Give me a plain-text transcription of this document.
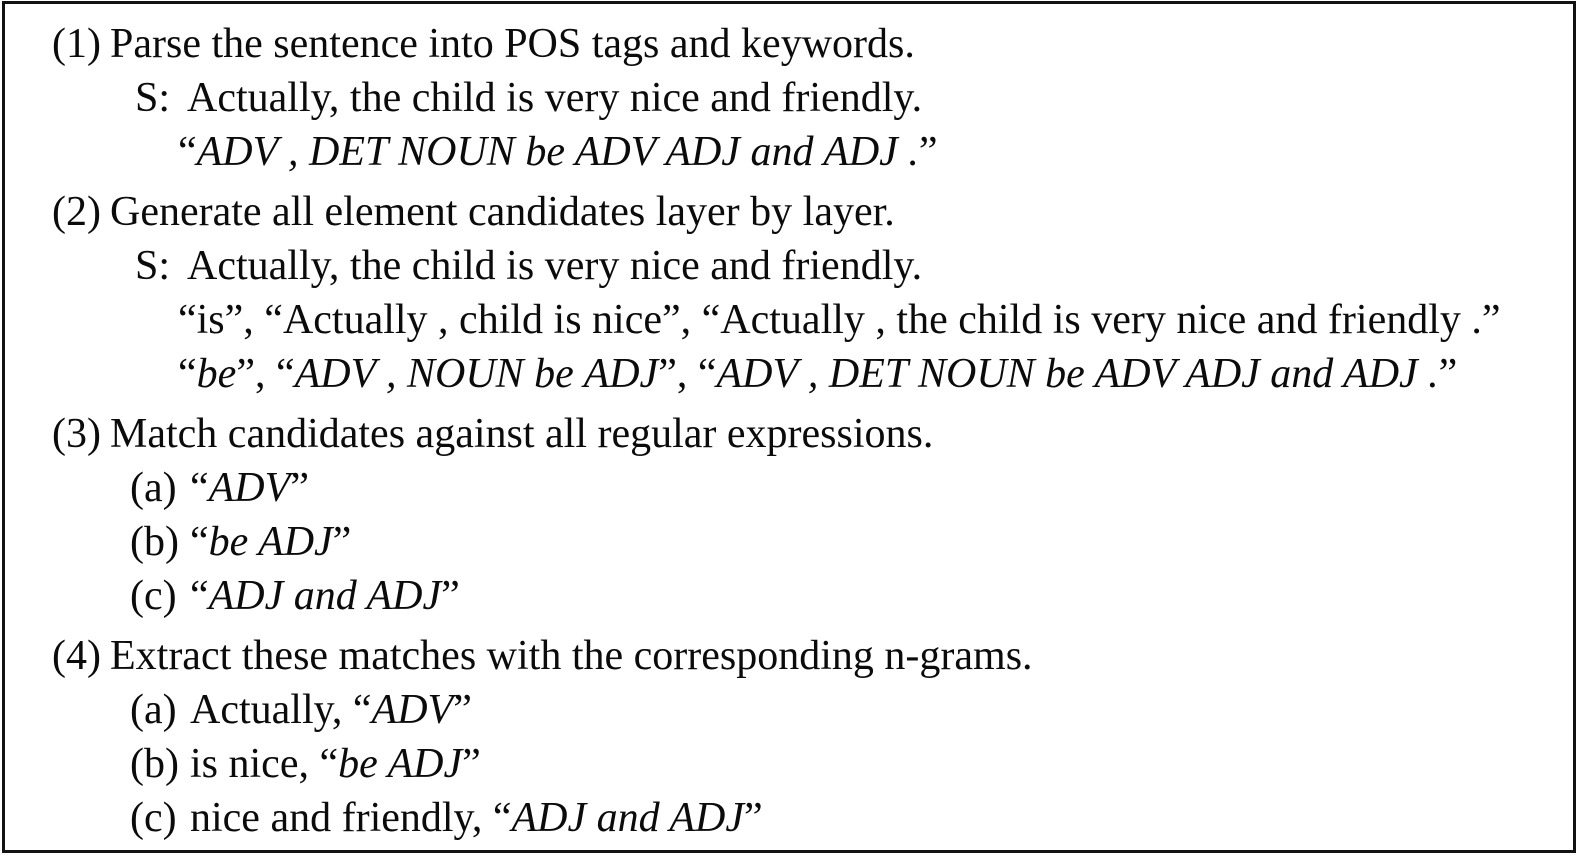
(1) Parse the sentence into POS tags and keywords.
S: Actually, the child is very nice and friendly.
“ADV , DET NOUN be ADV ADJ and ADJ .”
(2) Generate all element candidates layer by layer.
S: Actually, the child is very nice and friendly.
“is”, “Actually , child is nice”, “Actually , the child is very nice and friendly .”
“be”, “ADV , NOUN be ADJ”, “ADV , DET NOUN be ADV ADJ and ADJ .”
(3) Match candidates against all regular expressions.
(a) “ADV”
(b) “be ADJ”
(c) “ADJ and ADJ”
(4) Extract these matches with the corresponding n-grams.
(a) Actually, “ADV”
(b) is nice, “be ADJ”
(c) nice and friendly, “ADJ and ADJ”
